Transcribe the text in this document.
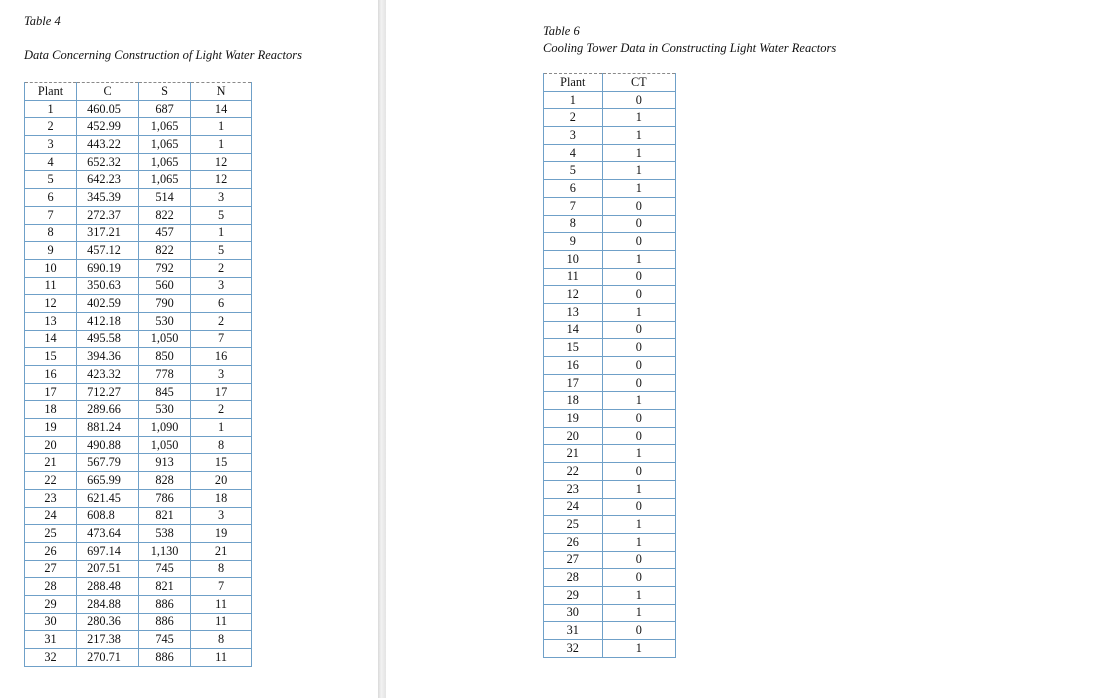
Table 4
Data Concerning Construction of Light Water Reactors
Plant	C	S	N
1	460.05	687	14
2	452.99	1,065	1
3	443.22	1,065	1
4	652.32	1,065	12
5	642.23	1,065	12
6	345.39	514	3
7	272.37	822	5
8	317.21	457	1
9	457.12	822	5
10	690.19	792	2
11	350.63	560	3
12	402.59	790	6
13	412.18	530	2
14	495.58	1,050	7
15	394.36	850	16
16	423.32	778	3
17	712.27	845	17
18	289.66	530	2
19	881.24	1,090	1
20	490.88	1,050	8
21	567.79	913	15
22	665.99	828	20
23	621.45	786	18
24	608.8	821	3
25	473.64	538	19
26	697.14	1,130	21
27	207.51	745	8
28	288.48	821	7
29	284.88	886	11
30	280.36	886	11
31	217.38	745	8
32	270.71	886	11
Table 6
Cooling Tower Data in Constructing Light Water Reactors
Plant	CT
1	0
2	1
3	1
4	1
5	1
6	1
7	0
8	0
9	0
10	1
11	0
12	0
13	1
14	0
15	0
16	0
17	0
18	1
19	0
20	0
21	1
22	0
23	1
24	0
25	1
26	1
27	0
28	0
29	1
30	1
31	0
32	1
